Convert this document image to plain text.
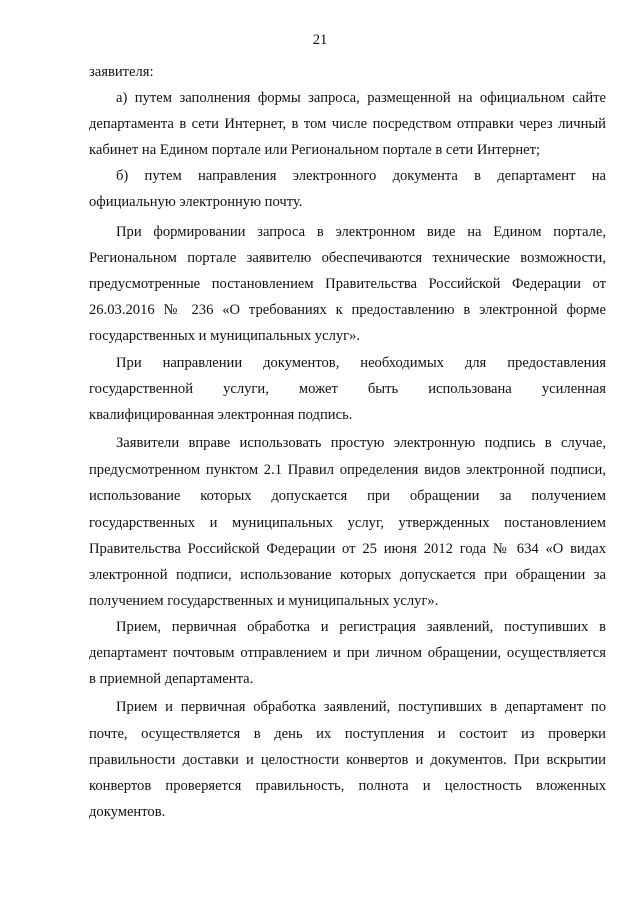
21
заявителя:
а) путем заполнения формы запроса, размещенной на официальном сайте
департамента в сети Интернет, в том числе посредством отправки через личный
кабинет на Едином портале или Региональном портале в сети Интернет;
б) путем направления электронного документа в департамент на
официальную электронную почту.
При формировании запроса в электронном виде на Едином портале,
Региональном портале заявителю обеспечиваются технические возможности,
предусмотренные постановлением Правительства Российской Федерации от
26.03.2016 № 236 «О требованиях к предоставлению в электронной форме
государственных и муниципальных услуг».
При направлении документов, необходимых для предоставления
государственной услуги, может быть использована усиленная
квалифицированная электронная подпись.
Заявители вправе использовать простую электронную подпись в случае,
предусмотренном пунктом 2.1 Правил определения видов электронной подписи,
использование которых допускается при обращении за получением
государственных и муниципальных услуг, утвержденных постановлением
Правительства Российской Федерации от 25 июня 2012 года № 634 «О видах
электронной подписи, использование которых допускается при обращении за
получением государственных и муниципальных услуг».
Прием, первичная обработка и регистрация заявлений, поступивших в
департамент почтовым отправлением и при личном обращении, осуществляется
в приемной департамента.
Прием и первичная обработка заявлений, поступивших в департамент по
почте, осуществляется в день их поступления и состоит из проверки
правильности доставки и целостности конвертов и документов. При вскрытии
конвертов проверяется правильность, полнота и целостность вложенных
документов.
